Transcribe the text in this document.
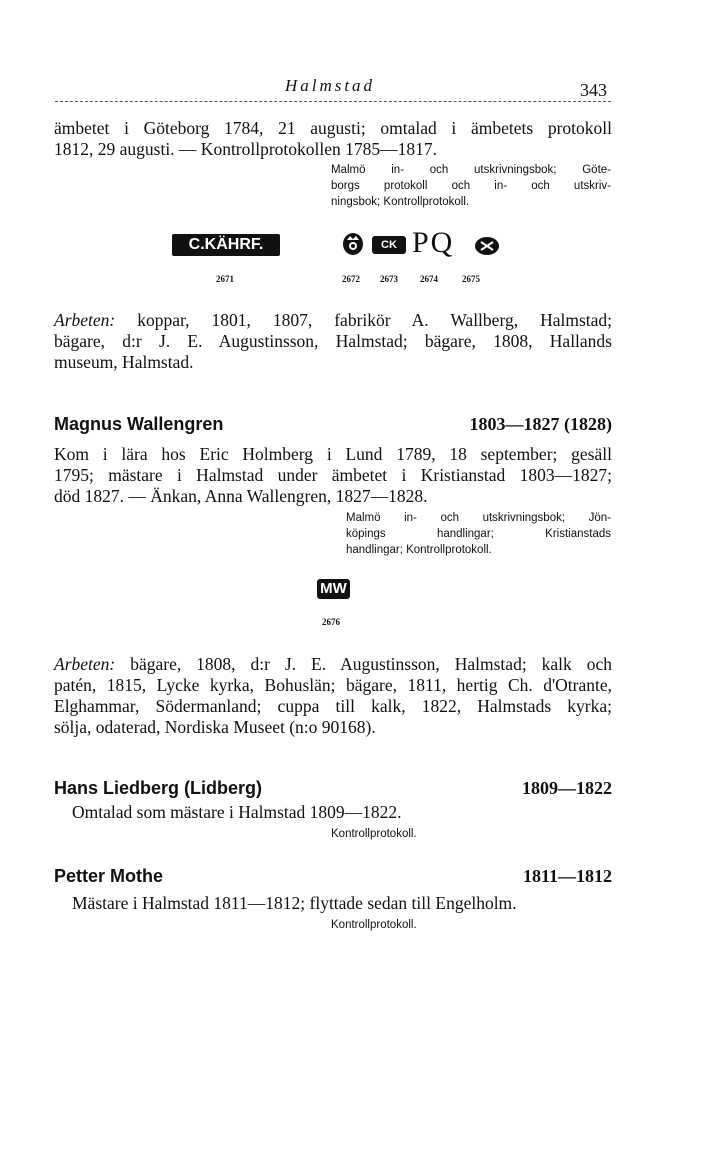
Halmstad	343
ämbetet i Göteborg 1784, 21 augusti; omtalad i ämbetets protokoll
1812, 29 augusti. — Kontrollprotokollen 1785—1817.
Malmö in- och utskrivningsbok; Göte-
borgs protokoll och in- och utskriv-
ningsbok; Kontrollprotokoll.
C.KÄHRF.
2671
CK PQ
2672 2673 2674	2675
Arbeten: koppar, 1801, 1807, fabrikör A. Wallberg, Halmstad;
bägare, d:r J. E. Augustinsson, Halmstad; bägare, 1808, Hallands
museum, Halmstad.
Magnus Wallengren	1803—1827 (1828)
Kom i lära hos Eric Holmberg i Lund 1789, 18 september; gesäll
1795; mästare i Halmstad under ämbetet i Kristianstad 1803—1827;
död 1827. — Änkan, Anna Wallengren, 1827—1828.
Malmö in- och utskrivningsbok; Jön-
köpings handlingar; Kristianstads
handlingar; Kontrollprotokoll.
MW
2676
Arbeten: bägare, 1808, d:r J. E. Augustinsson, Halmstad; kalk och
patén, 1815, Lycke kyrka, Bohuslän; bägare, 1811, hertig Ch. d'Otrante,
Elghammar, Södermanland; cuppa till kalk, 1822, Halmstads kyrka;
sölja, odaterad, Nordiska Museet (n:o 90168).
Hans Liedberg (Lidberg)	1809—1822
Omtalad som mästare i Halmstad 1809—1822.
Kontrollprotokoll.
Petter Mothe	1811—1812
Mästare i Halmstad 1811—1812; flyttade sedan till Engelholm.
Kontrollprotokoll.
